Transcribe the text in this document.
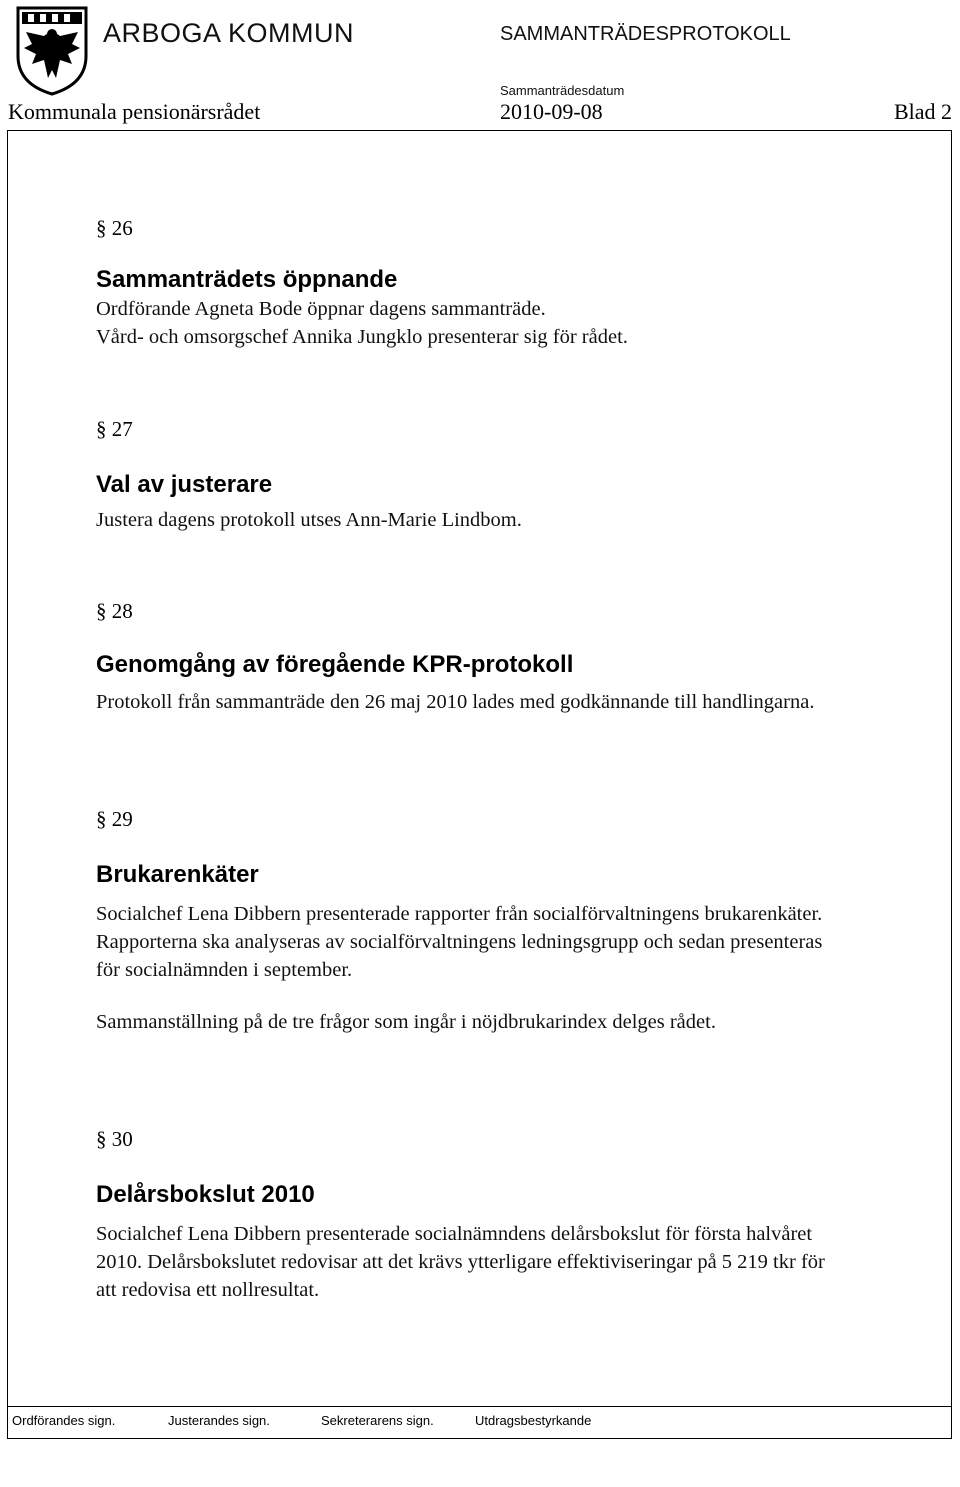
ARBOGA KOMMUN	SAMMANTRÄDESPROTOKOLL
Sammanträdesdatum
Kommunala pensionärsrådet	2010-09-08	Blad 2
§ 26
Sammanträdets öppnande

Ordförande Agneta Bode öppnar dagens sammanträde.

Vård- och omsorgschef Annika Jungklo presenterar sig för rådet.

§ 27
Val av justerare

Justera dagens protokoll utses Ann-Marie Lindbom.

§ 28
Genomgång av föregående KPR-protokoll

Protokoll från sammanträde den 26 maj 2010 lades med godkännande till handlingarna.

§ 29
Brukarenkäter

Socialchef Lena Dibbern presenterade rapporter från socialförvaltningens brukarenkäter. Rapporterna ska analyseras av socialförvaltningens ledningsgrupp och sedan presenteras för socialnämnden i september.

Sammanställning på de tre frågor som ingår i nöjdbrukarindex delges rådet.

§ 30
Delårsbokslut 2010

Socialchef Lena Dibbern presenterade socialnämndens delårsbokslut för första halvåret 2010. Delårsbokslutet redovisar att det krävs ytterligare effektiviseringar på 5 219 tkr för att redovisa ett nollresultat.

Ordförandes sign.	Justerandes sign.	Sekreterarens sign.	Utdragsbestyrkande
